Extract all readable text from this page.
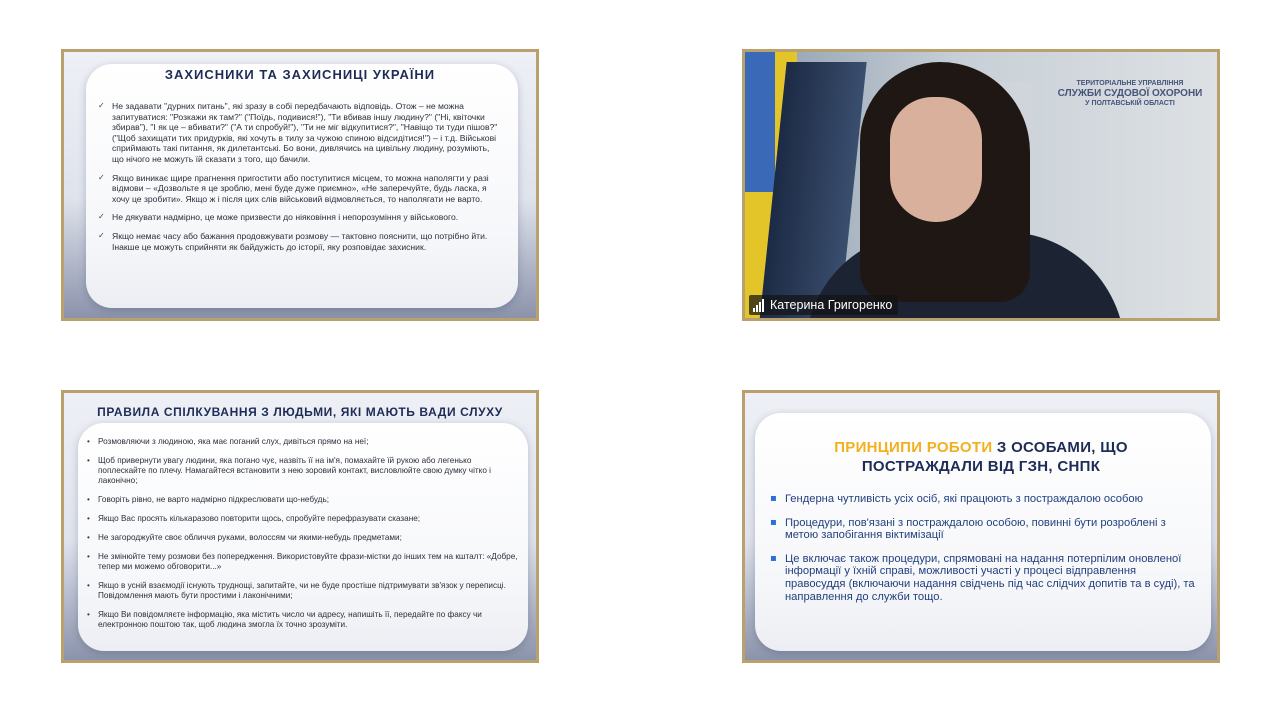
ЗАХИСНИКИ ТА ЗАХИСНИЦІ УКРАЇНИ
✓ Не задавати "дурних питань", які зразу в собі передбачають відповідь. Отож – не можна запитуватися: "Розкажи як там?" ("Поїдь, подивися!"), "Ти вбивав іншу людину?" ("Ні, квіточки збирав"), "І як це – вбивати?" ("А ти спробуй!"), "Ти не міг відкупитися?", "Навіщо ти туди пішов?" ("Щоб захищати тих придурків, які хочуть в тилу за чужою спиною відсидітися!") – і т.д. Військові сприймають такі питання, як дилетантські. Бо вони, дивлячись на цивільну людину, розуміють, що нічого не можуть їй сказати з того, що бачили.
✓ Якщо виникає щире прагнення пригостити або поступитися місцем, то можна наполягти у разі відмови – «Дозвольте я це зроблю, мені буде дуже приємно», «Не заперечуйте, будь ласка, я хочу це зробити». Якщо ж і після цих слів військовий відмовляється, то наполягати не варто.
✓ Не дякувати надмірно, це може призвести до ніяковіння і непорозуміння у військового.
✓ Якщо немає часу або бажання продовжувати розмову — тактовно пояснити, що потрібно йти. Інакше це можуть сприйняти як байдужість до історії, яку розповідає захисник.
ТЕРИТОРІАЛЬНЕ УПРАВЛІННЯ
СЛУЖБИ СУДОВОЇ ОХОРОНИ
У ПОЛТАВСЬКІЙ ОБЛАСТІ
Катерина Григоренко
ПРАВИЛА СПІЛКУВАННЯ З ЛЮДЬМИ, ЯКІ МАЮТЬ ВАДИ СЛУХУ
• Розмовляючи з людиною, яка має поганий слух, дивіться прямо на неї;
• Щоб привернути увагу людини, яка погано чує, назвіть її на ім'я, помахайте їй рукою або легенько поплескайте по плечу. Намагайтеся встановити з нею зоровий контакт, висловлюйте свою думку чітко і лаконічно;
• Говоріть рівно, не варто надмірно підкреслювати що-небудь;
• Якщо Вас просять кількаразово повторити щось, спробуйте перефразувати сказане;
• Не загороджуйте своє обличчя руками, волоссям чи якими-небудь предметами;
• Не змінюйте тему розмови без попередження. Використовуйте фрази-містки до інших тем на кшталт: «Добре, тепер ми можемо обговорити...»
• Якщо в усній взаємодії існують труднощі, запитайте, чи не буде простіше підтримувати зв'язок у переписці. Повідомлення мають бути простими і лаконічними;
• Якщо Ви повідомляєте інформацію, яка містить число чи адресу, напишіть її, передайте по факсу чи електронною поштою так, щоб людина змогла їх точно зрозуміти.
ПРИНЦИПИ РОБОТИ З ОСОБАМИ, ЩО
ПОСТРАЖДАЛИ ВІД ГЗН, СНПК
▪ Гендерна чутливість усіх осіб, які працюють з постраждалою особою
▪ Процедури, пов'язані з постраждалою особою, повинні бути розроблені з метою запобігання віктимізації
▪ Це включає також процедури, спрямовані на надання потерпілим оновленої інформації у їхній справі, можливості участі у процесі відправлення правосуддя (включаючи надання свідчень під час слідчих допитів та в суді), та направлення до служби тощо.
